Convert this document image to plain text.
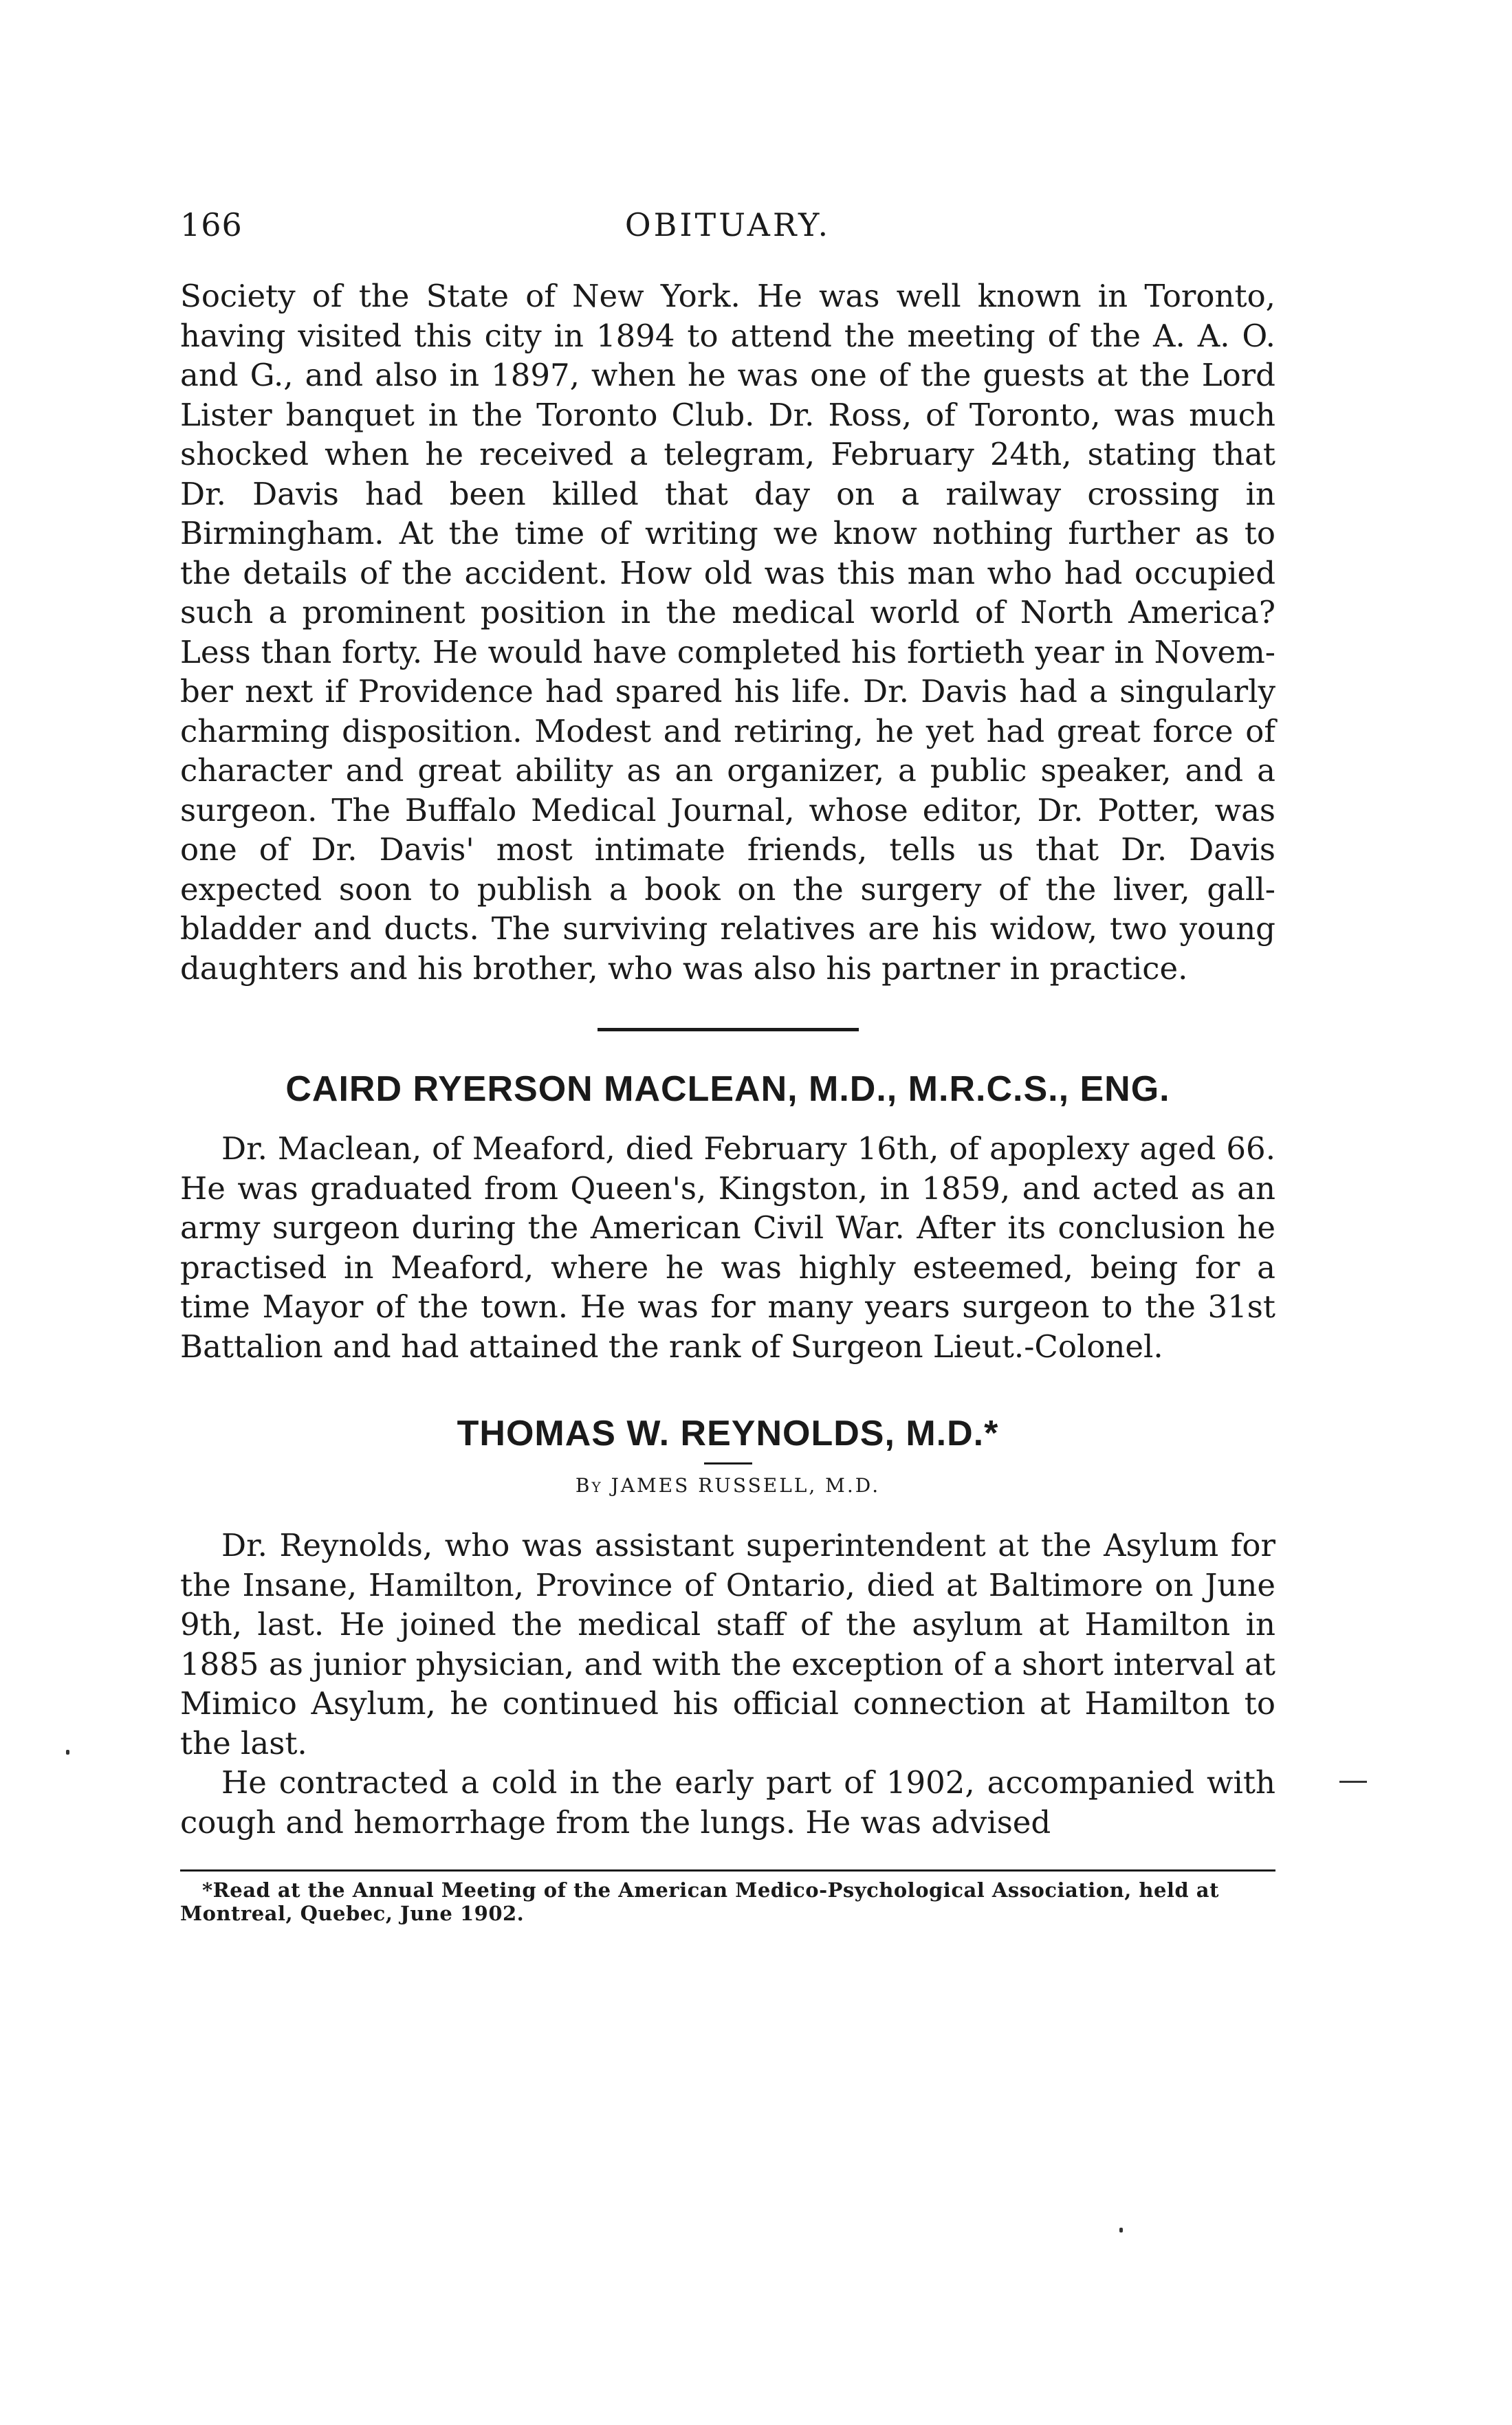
166	OBITUARY.

Society of the State of New York. He was well known in Toronto, having visited this city in 1894 to attend the meeting of the A. A. O. and G., and also in 1897, when he was one of the guests at the Lord Lister banquet in the Toronto Club. Dr. Ross, of Toronto, was much shocked when he received a telegram, February 24th, stating that Dr. Davis had been killed that day on a railway crossing in Birmingham. At the time of writing we know nothing further as to the details of the accident. How old was this man who had occupied such a prominent position in the medical world of North America? Less than forty. He would have completed his fortieth year in November next if Providence had spared his life. Dr. Davis had a singularly charming disposition. Modest and retiring, he yet had great force of character and great ability as an organizer, a public speaker, and a surgeon. The Buffalo Medical Journal, whose editor, Dr. Potter, was one of Dr. Davis' most intimate friends, tells us that Dr. Davis expected soon to publish a book on the surgery of the liver, gall-bladder and ducts. The surviving relatives are his widow, two young daughters and his brother, who was also his partner in practice.

CAIRD RYERSON MACLEAN, M.D., M.R.C.S., ENG.

Dr. Maclean, of Meaford, died February 16th, of apoplexy aged 66. He was graduated from Queen's, Kingston, in 1859, and acted as an army surgeon during the American Civil War. After its conclusion he practised in Meaford, where he was highly esteemed, being for a time Mayor of the town. He was for many years surgeon to the 31st Battalion and had attained the rank of Surgeon Lieut.-Colonel.

THOMAS W. REYNOLDS, M.D.*

By JAMES RUSSELL, M.D.

Dr. Reynolds, who was assistant superintendent at the Asylum for the Insane, Hamilton, Province of Ontario, died at Baltimore on June 9th, last. He joined the medical staff of the asylum at Hamilton in 1885 as junior physician, and with the exception of a short interval at Mimico Asylum, he continued his official connection at Hamilton to the last.

He contracted a cold in the early part of 1902, accompanied with cough and hemorrhage from the lungs. He was advised

*Read at the Annual Meeting of the American Medico-Psychological Association, held at Montreal, Quebec, June 1902.
